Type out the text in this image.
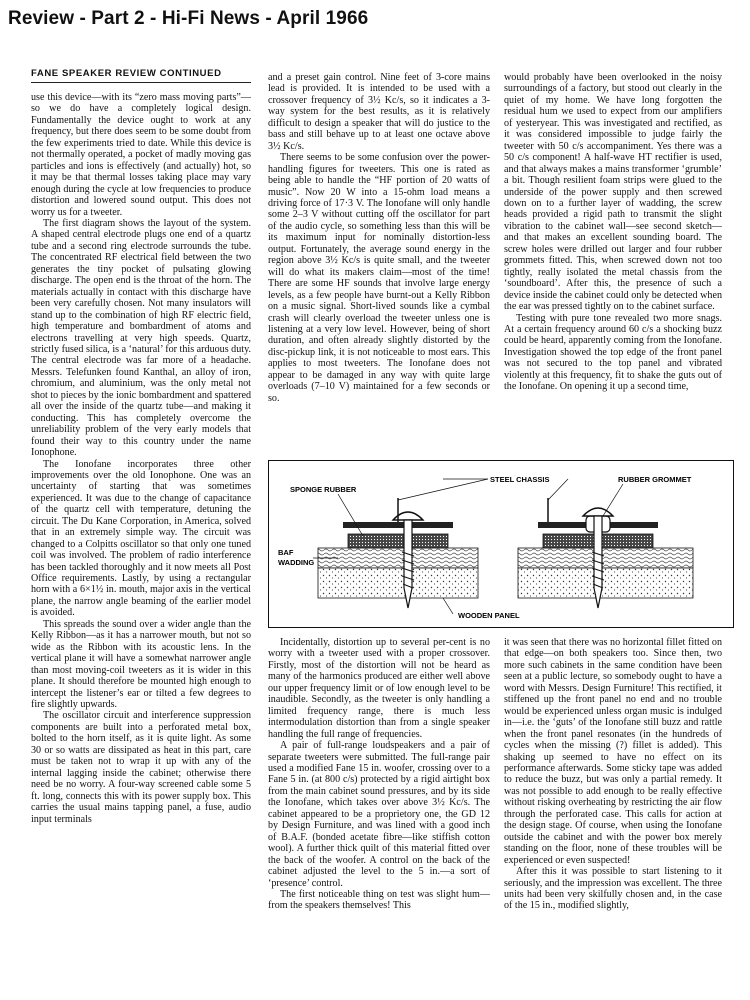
Review - Part 2 - Hi-Fi News - April 1966
FANE SPEAKER REVIEW CONTINUED

use this device—with its “zero mass moving parts”—so we do have a completely logical design. Fundamentally the device ought to work at any frequency, but there does seem to be some doubt from the few experiments tried to date. While this device is not thermally operated, a pocket of madly moving gas particles and ions is effectively (and actually) hot, so it may be that thermal losses taking place may vary enough during the cycle at low frequencies to produce distortion and lowered sound output. This does not worry us for a tweeter.

The first diagram shows the layout of the system. A shaped central electrode plugs one end of a quartz tube and a second ring electrode surrounds the tube. The concentrated RF electrical field between the two generates the tiny pocket of pulsating glowing discharge. The open end is the throat of the horn. The materials actually in contact with this discharge have been very carefully chosen. Not many insulators will stand up to the combination of high RF electric field, high temperature and bombardment of atoms and electrons travelling at very high speeds. Quartz, strictly fused silica, is a ‘natural’ for this arduous duty. The central electrode was far more of a headache. Messrs. Telefunken found Kanthal, an alloy of iron, chromium, and aluminium, was the only metal not shot to pieces by the ionic bombardment and spattered all over the inside of the quartz tube—and making it conducting. This has completely overcome the unreliability problem of the very early models that found their way to this country under the name Ionophone.

The Ionofane incorporates three other improvements over the old Ionophone. One was an uncertainty of starting that was sometimes experienced. It was due to the change of capacitance of the quartz cell with temperature, detuning the circuit. The Du Kane Corporation, in America, solved that in an extremely simple way. The circuit was changed to a Colpitts oscillator so that only one tuned coil was involved. The problem of radio interference has been tackled thoroughly and it now meets all Post Office requirements. Lastly, by using a rectangular horn with a 6×1½ in. mouth, major axis in the vertical plane, the narrow angle beaming of the earlier model is avoided.

This spreads the sound over a wider angle than the Kelly Ribbon—as it has a narrower mouth, but not so wide as the Ribbon with its acoustic lens. In the vertical plane it will have a somewhat narrower angle than most moving-coil tweeters as it is wider in this plane. It should therefore be mounted high enough to intercept the listener’s ear or tilted a few degrees to fire slightly upwards.

The oscillator circuit and interference suppression components are built into a perforated metal box, bolted to the horn itself, as it is quite light. As some 30 or so watts are dissipated as heat in this part, care must be taken not to wrap it up with any of the internal lagging inside the cabinet; otherwise there need be no worry. A four-way screened cable some 5 ft. long, connects this with its power supply box. This carries the usual mains tapping panel, a fuse, audio input terminals

and a preset gain control. Nine feet of 3-core mains lead is provided. It is intended to be used with a crossover frequency of 3½ Kc/s, so it indicates a 3-way system for the best results, as it is relatively difficult to design a speaker that will do justice to the bass and still behave up to at least one octave above 3½ Kc/s.

There seems to be some confusion over the power-handling figures for tweeters. This one is rated as being able to handle the “HF portion of 20 watts of music”. Now 20 W into a 15-ohm load means a driving force of 17·3 V. The Ionofane will only handle some 2–3 V without cutting off the oscillator for part of the audio cycle, so something less than this will be its maximum input for nominally distortion-less output. Fortunately, the average sound energy in the region above 3½ Kc/s is quite small, and the tweeter will do what its makers claim—most of the time! There are some HF sounds that involve large energy levels, as a few people have burnt-out a Kelly Ribbon on a music signal. Short-lived sounds like a cymbal crash will clearly overload the tweeter unless one is listening at a very low level. However, being of short duration, and often already slightly distorted by the disc-pickup link, it is not noticeable to most ears. This applies to most tweeters. The Ionofane does not appear to be damaged in any way with quite large overloads (7–10 V) maintained for a few seconds or so.

would probably have been overlooked in the noisy surroundings of a factory, but stood out clearly in the quiet of my home. We have long forgotten the residual hum we used to expect from our amplifiers of yesteryear. This was investigated and rectified, as it was considered impossible to judge fairly the tweeter with 50 c/s accompaniment. Yes there was a 50 c/s component! A half-wave HT rectifier is used, and that always makes a mains transformer ‘grumble’ a bit. Though resilient foam strips were glued to the underside of the power supply and then screwed down on to a further layer of wadding, the screw heads provided a rigid path to transmit the slight vibration to the cabinet wall—see second sketch—and that makes an excellent sounding board. The screw holes were drilled out larger and four rubber grommets fitted. This, when screwed down not too tightly, really isolated the metal chassis from the ‘soundboard’. After this, the presence of such a device inside the cabinet could only be detected when the ear was pressed tightly on to the cabinet surface.

Testing with pure tone revealed two more snags. At a certain frequency around 60 c/s a shocking buzz could be heard, apparently coming from the Ionofane. Investigation showed the top edge of the front panel was not secured to the top panel and vibrated violently at this frequency, fit to shake the guts out of the Ionofane. On opening it up a second time,

STEEL CHASSIS	RUBBER GROMMET
SPONGE RUBBER
BAF
WADDING
WOODEN PANEL

Incidentally, distortion up to several per-cent is no worry with a tweeter used with a proper crossover. Firstly, most of the distortion will not be heard as many of the harmonics produced are either well above our upper frequency limit or of low enough level to be inaudible. Secondly, as the tweeter is only handling a limited frequency range, there is much less intermodulation distortion than from a single speaker handling the full range of frequencies.

A pair of full-range loudspeakers and a pair of separate tweeters were submitted. The full-range pair used a modified Fane 15 in. woofer, crossing over to a Fane 5 in. (at 800 c/s) protected by a rigid airtight box from the main cabinet sound pressures, and by its side the Ionofane, which takes over above 3½ Kc/s. The cabinet appeared to be a proprietory one, the GD 12 by Design Furniture, and was lined with a good inch of B.A.F. (bonded acetate fibre—like stiffish cotton wool). A further thick quilt of this material fitted over the back of the woofer. A control on the back of the cabinet adjusted the level to the 5 in.—a sort of ‘presence’ control.

The first noticeable thing on test was slight hum—from the speakers themselves! This

it was seen that there was no horizontal fillet fitted on that edge—on both speakers too. Since then, two more such cabinets in the same condition have been seen at a public lecture, so somebody ought to have a word with Messrs. Design Furniture! This rectified, it stiffened up the front panel no end and no trouble would be experienced unless organ music is indulged in—i.e. the ‘guts’ of the Ionofane still buzz and rattle when the front panel resonates (in the hundreds of cycles when the missing (?) fillet is added). This shaking up seemed to have no effect on its performance afterwards. Some sticky tape was added to reduce the buzz, but was only a partial remedy. It was not possible to add enough to be really effective without risking overheating by restricting the air flow through the perforated case. This calls for action at the design stage. Of course, when using the Ionofane outside the cabinet and with the power box merely standing on the floor, none of these troubles will be experienced or even suspected!

After this it was possible to start listening to it seriously, and the impression was excellent. The three units had been very skilfully chosen and, in the case of the 15 in., modified slightly,
